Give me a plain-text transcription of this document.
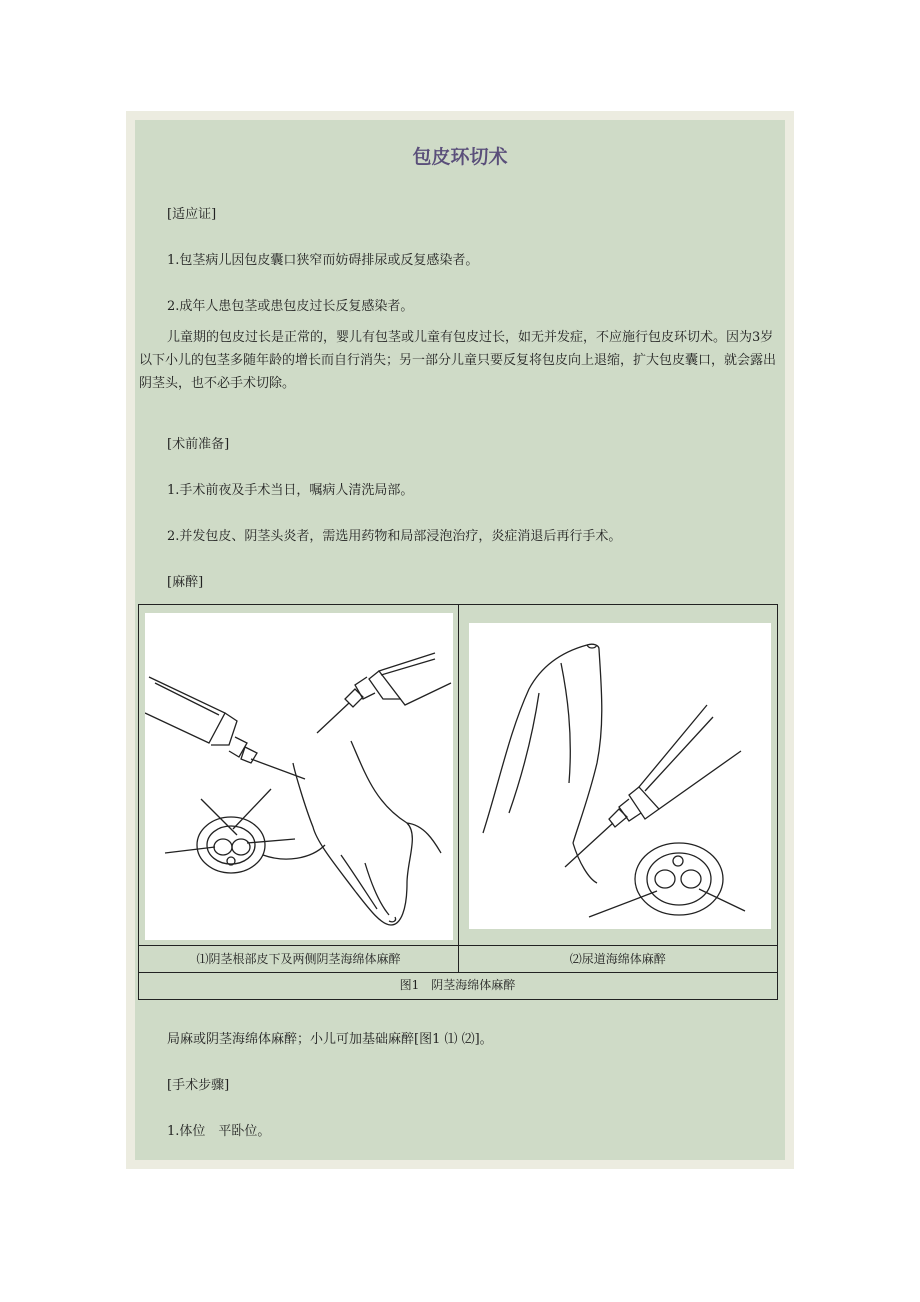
包皮环切术
[适应证]
1.包茎病儿因包皮囊口狭窄而妨碍排尿或反复感染者。
2.成年人患包茎或患包皮过长反复感染者。
儿童期的包皮过长是正常的，婴儿有包茎或儿童有包皮过长，如无并发症，不应施行包皮环切术。因为3岁以下小儿的包茎多随年龄的增长而自行消失；另一部分儿童只要反复将包皮向上退缩，扩大包皮囊口，就会露出阴茎头，也不必手术切除。
[术前准备]
1.手术前夜及手术当日，嘱病人清洗局部。
2.并发包皮、阴茎头炎者，需选用药物和局部浸泡治疗，炎症消退后再行手术。
[麻醉]
⑴阴茎根部皮下及两侧阴茎海绵体麻醉	⑵尿道海绵体麻醉
图1　阴茎海绵体麻醉
局麻或阴茎海绵体麻醉；小儿可加基础麻醉[图1 ⑴ ⑵]。
[手术步骤]
1.体位　平卧位。
